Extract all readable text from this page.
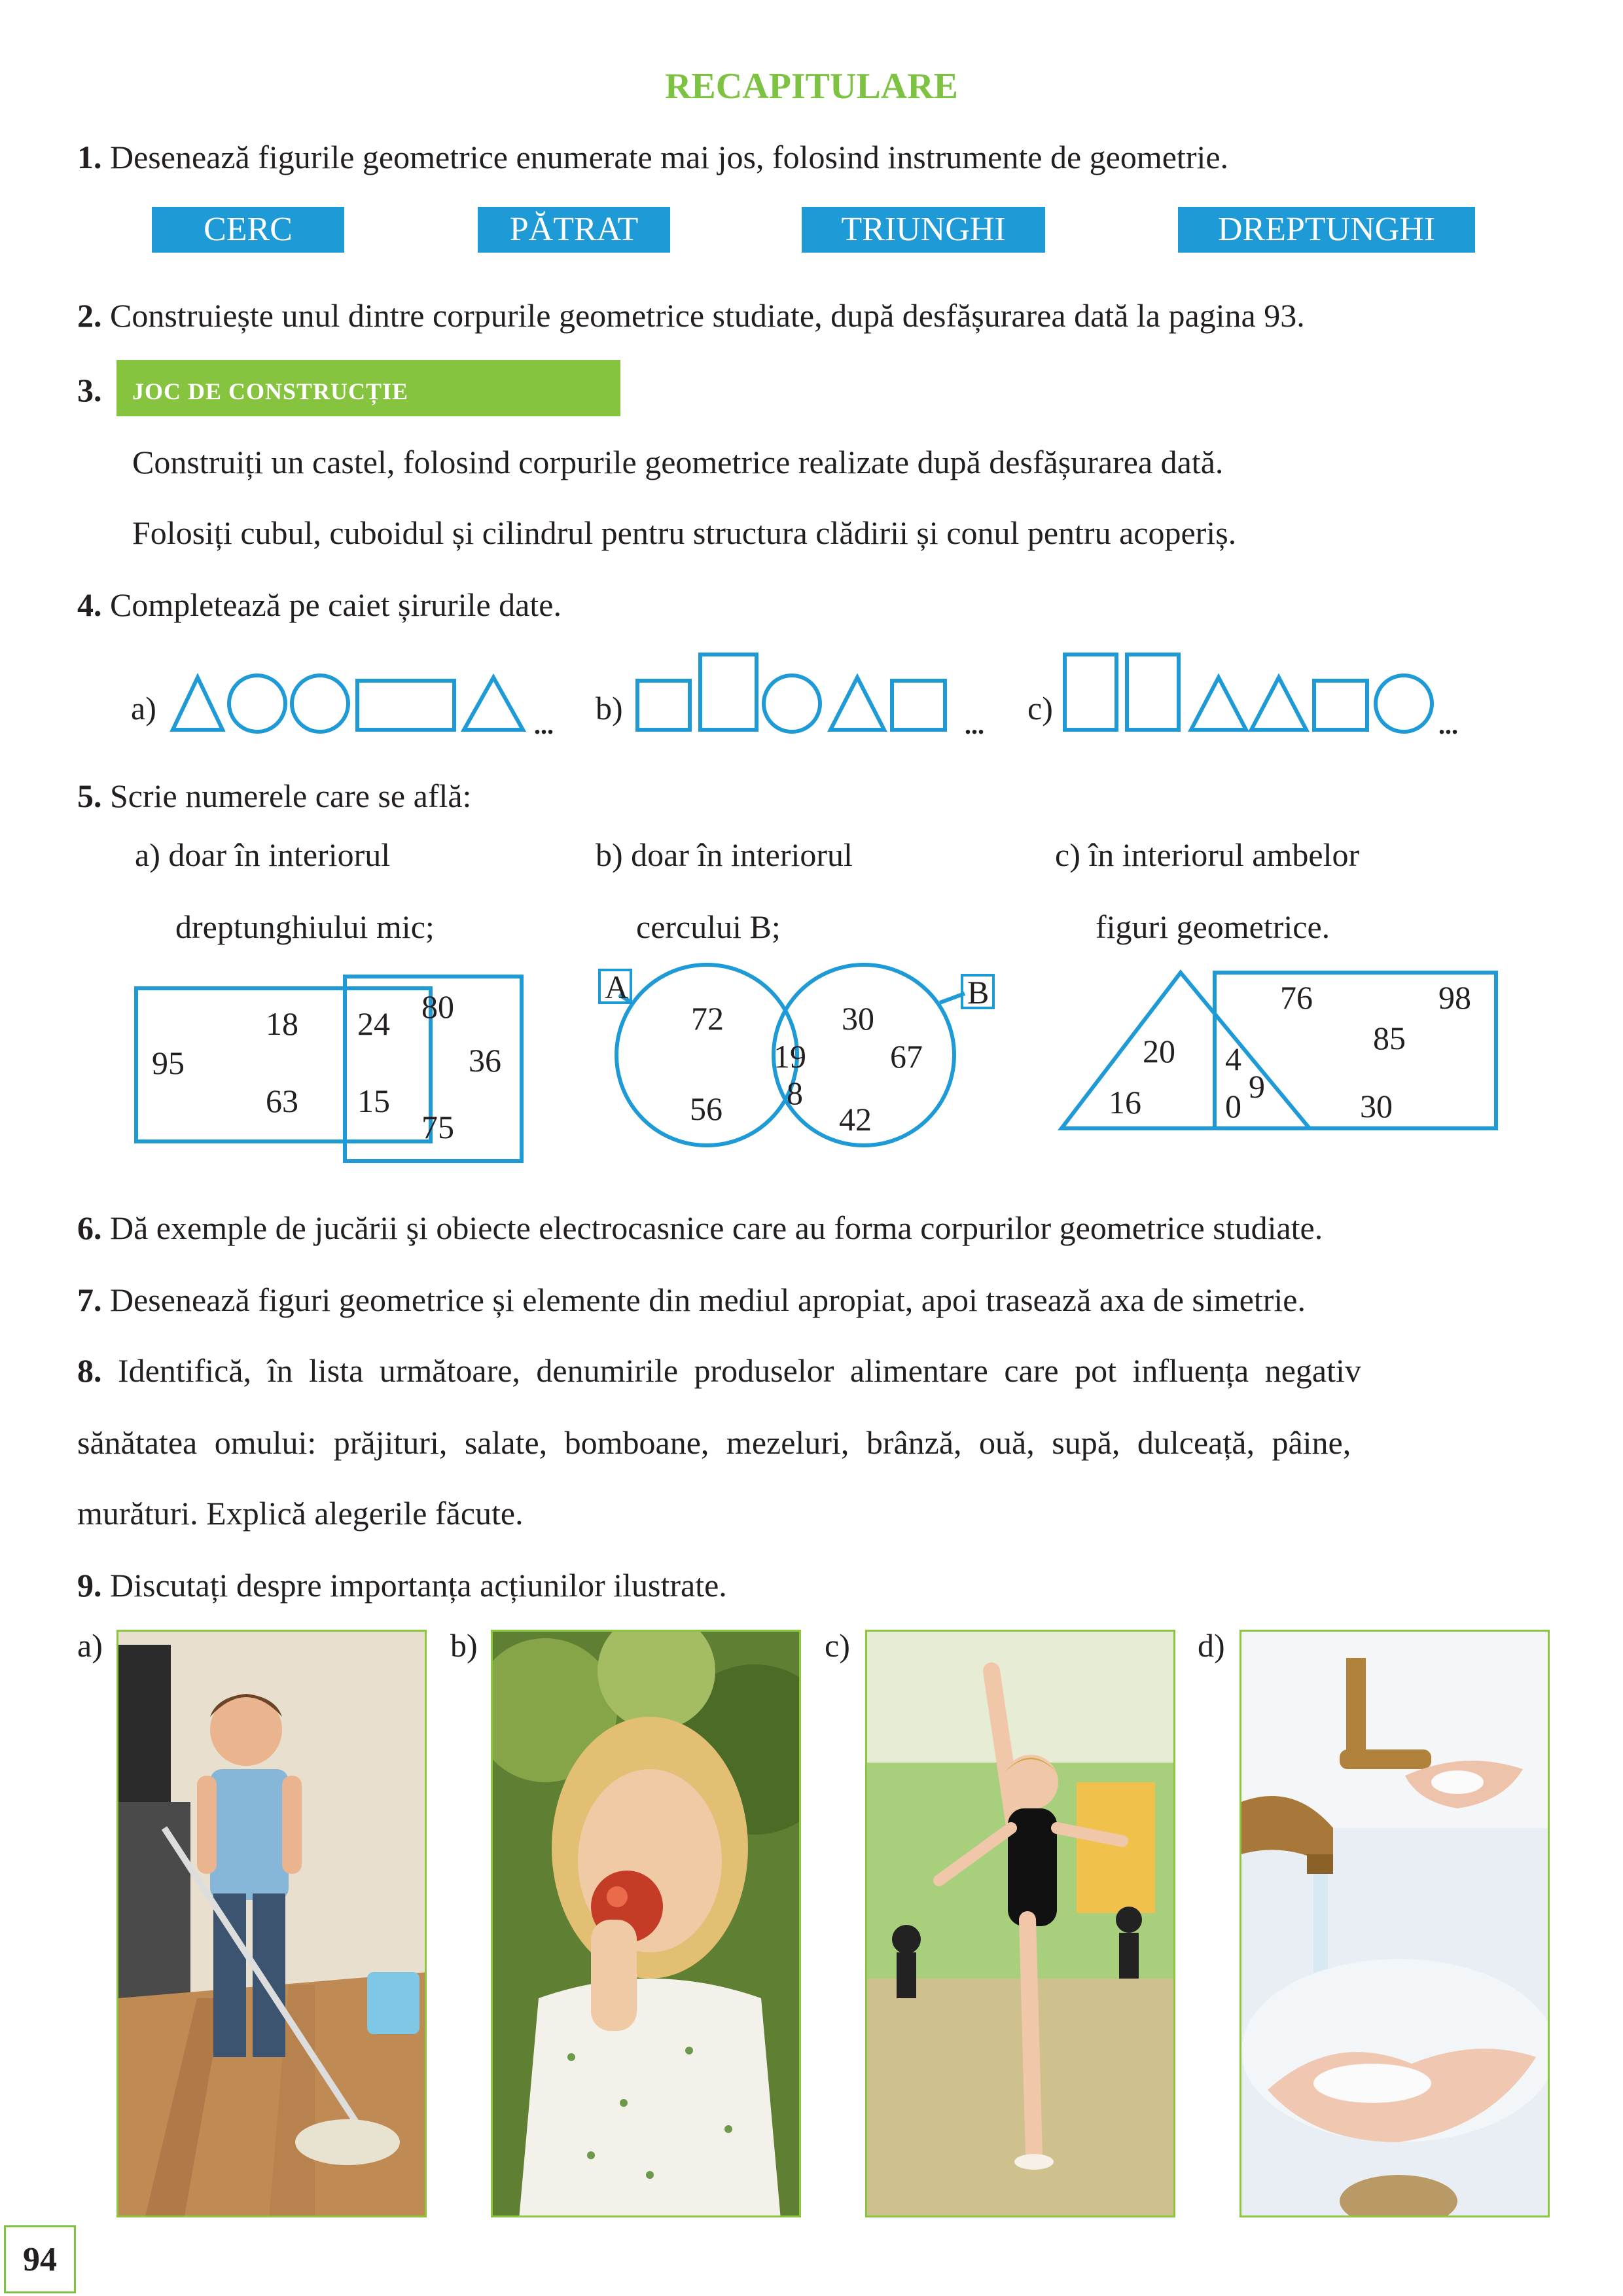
RECAPITULARE
1. Desenează figurile geometrice enumerate mai jos, folosind instrumente de geometrie.
CERC	PĂTRAT	TRIUNGHI	DREPTUNGHI
2. Construiește unul dintre corpurile geometrice studiate, după desfășurarea dată la pagina 93.
3.	JOC DE CONSTRUCȚIE
Construiți un castel, folosind corpurile geometrice realizate după desfășurarea dată.
Folosiți cubul, cuboidul și cilindrul pentru structura clădirii și conul pentru acoperiș.
4. Completează pe caiet șirurile date.
a)	b)	c)
...	...	...
5. Scrie numerele care se află:
a) doar în interiorul
dreptunghiului mic;
b) doar în interiorul
cercului B;
c) în interiorul ambelor
figuri geometrice.
18 24 80
95	36
63 15
75
A	B
72	30
19	67
8
56	42
76	98
85
20 4
9
16	0	30
6. Dă exemple de jucării şi obiecte electrocasnice care au forma corpurilor geometrice studiate.
7. Desenează figuri geometrice și elemente din mediul apropiat, apoi trasează axa de simetrie.
8. Identifică, în lista următoare, denumirile produselor alimentare care pot influența negativ
sănătatea omului: prăjituri, salate, bomboane, mezeluri, brânză, ouă, supă, dulceață, pâine,
murături. Explică alegerile făcute.
9. Discutați despre importanța acțiunilor ilustrate.
a)	b)	c)	d)
94
